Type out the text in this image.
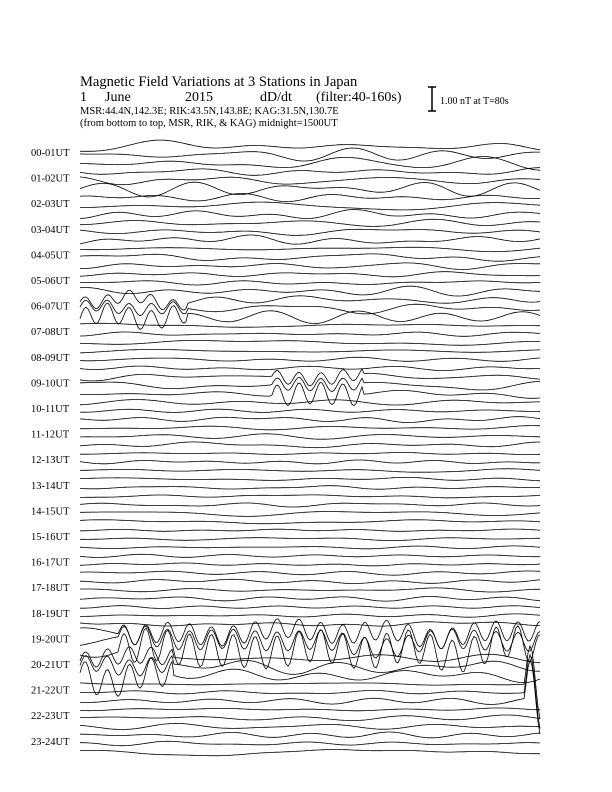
Magnetic Field Variations at 3 Stations in Japan
1 June	2015	dD/dt (filter:40-160s)
MSR:44.4N,142.3E; RIK:43.5N,143.8E; KAG:31.5N,130.7E
(from bottom to top, MSR, RIK, & KAG) midnight=1500UT
1.00 nT at T=80s
00-01UT
01-02UT
02-03UT
03-04UT
04-05UT
05-06UT
06-07UT
07-08UT
08-09UT
09-10UT
10-11UT
11-12UT
12-13UT
13-14UT
14-15UT
15-16UT
16-17UT
17-18UT
18-19UT
19-20UT
20-21UT
21-22UT
22-23UT
23-24UT
